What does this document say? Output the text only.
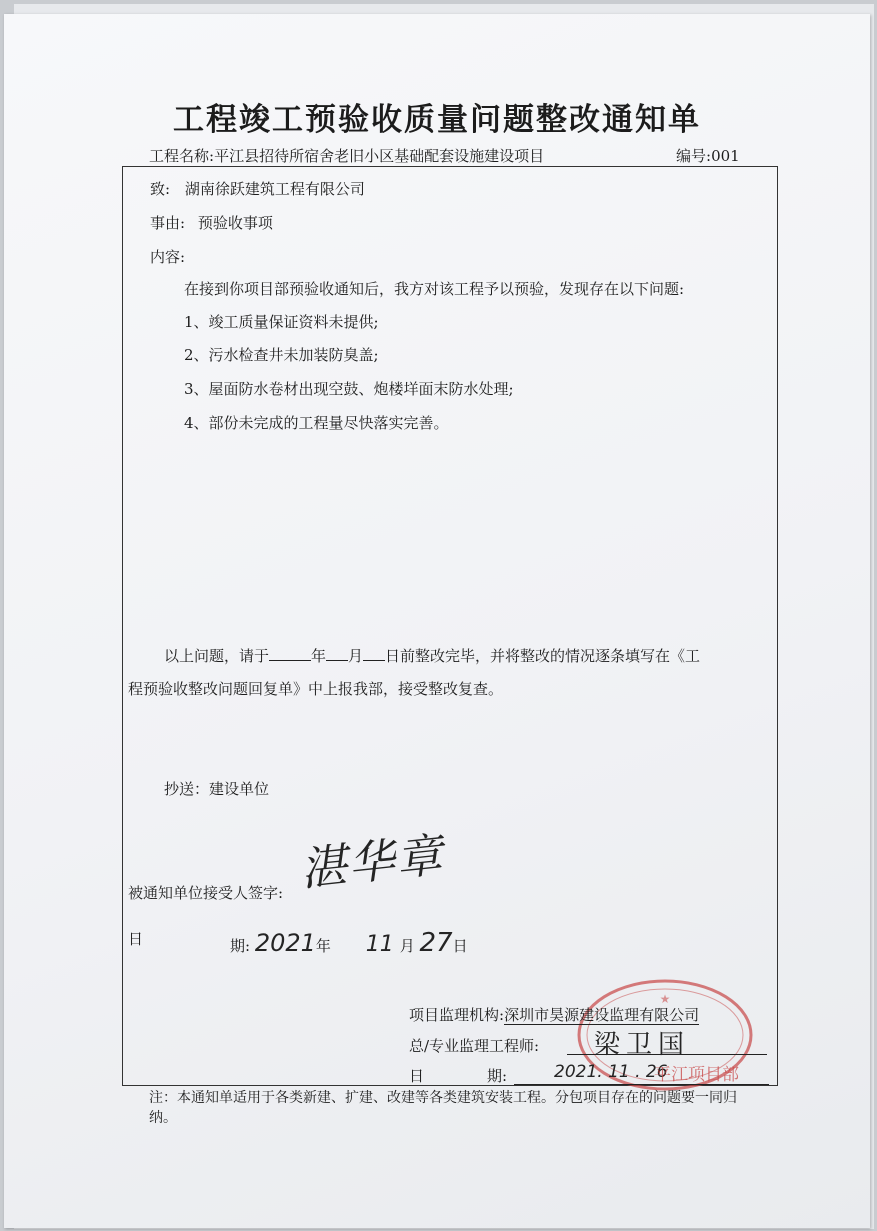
工程竣工预验收质量问题整改通知单
工程名称:平江县招待所宿舍老旧小区基础配套设施建设项目	编号:001
致: 湖南徐跃建筑工程有限公司
事由: 预验收事项
内容:
在接到你项目部预验收通知后，我方对该工程予以预验，发现存在以下问题:
1、竣工质量保证资料未提供;
2、污水检查井未加装防臭盖;
3、屋面防水卷材出现空鼓、炮楼垟面末防水处理;
4、部份未完成的工程量尽快落实完善。
以上问题，请于	年 月 日前整改完毕，并将整改的情况逐条填写在《工
程预验收整改问题回复单》中上报我部，接受整改复查。
抄送：建设单位
被通知单位接受人签字: 湛华章
日	期: 2021年 11 月 27日
★
项目监理机构:深圳市昊源建设监理有限公司
总/专业监理工程师: 梁卫国
日	期:	2021. 11 . 26
平江项目部
注：本通知单适用于各类新建、扩建、改建等各类建筑安装工程。分包项目存在的问题要一同归纳。
